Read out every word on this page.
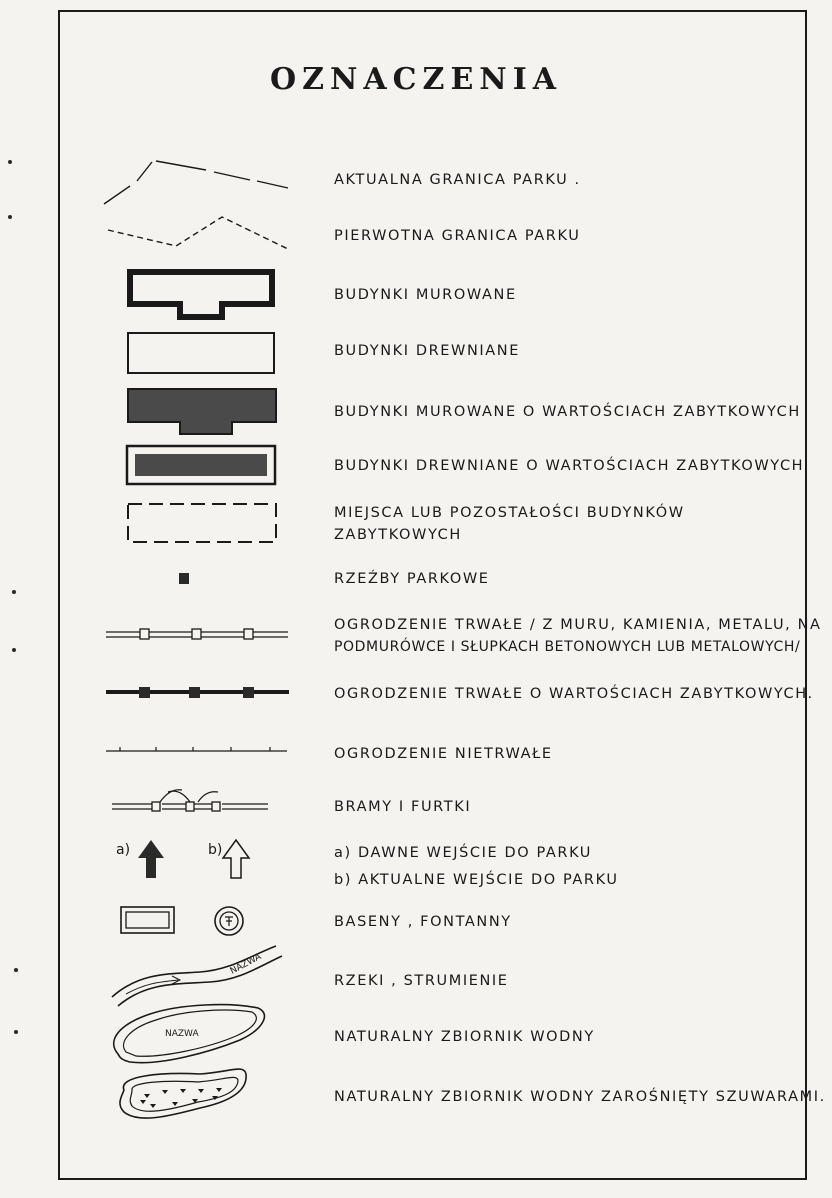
OZNACZENIA
AKTUALNA GRANICA PARKU .
PIERWOTNA GRANICA PARKU
BUDYNKI MUROWANE
BUDYNKI DREWNIANE
BUDYNKI MUROWANE O WARTOŚCIACH ZABYTKOWYCH
BUDYNKI DREWNIANE O WARTOŚCIACH ZABYTKOWYCH
MIEJSCA LUB POZOSTAŁOŚCI BUDYNKÓW
ZABYTKOWYCH
RZEŹBY PARKOWE
OGRODZENIE TRWAŁE / Z MURU, KAMIENIA, METALU, NA
PODMURÓWCE I SŁUPKACH BETONOWYCH LUB METALOWYCH/
OGRODZENIE TRWAŁE O WARTOŚCIACH ZABYTKOWYCH.
OGRODZENIE NIETRWAŁE
BRAMY I FURTKI
a)	b)	a) DAWNE WEJŚCIE DO PARKU
b) AKTUALNE WEJŚCIE DO PARKU
BASENY , FONTANNY
NAZWA
RZEKI , STRUMIENIE
NAZWA	NATURALNY ZBIORNIK WODNY
NATURALNY ZBIORNIK WODNY ZAROŚNIĘTY SZUWARAMI.
